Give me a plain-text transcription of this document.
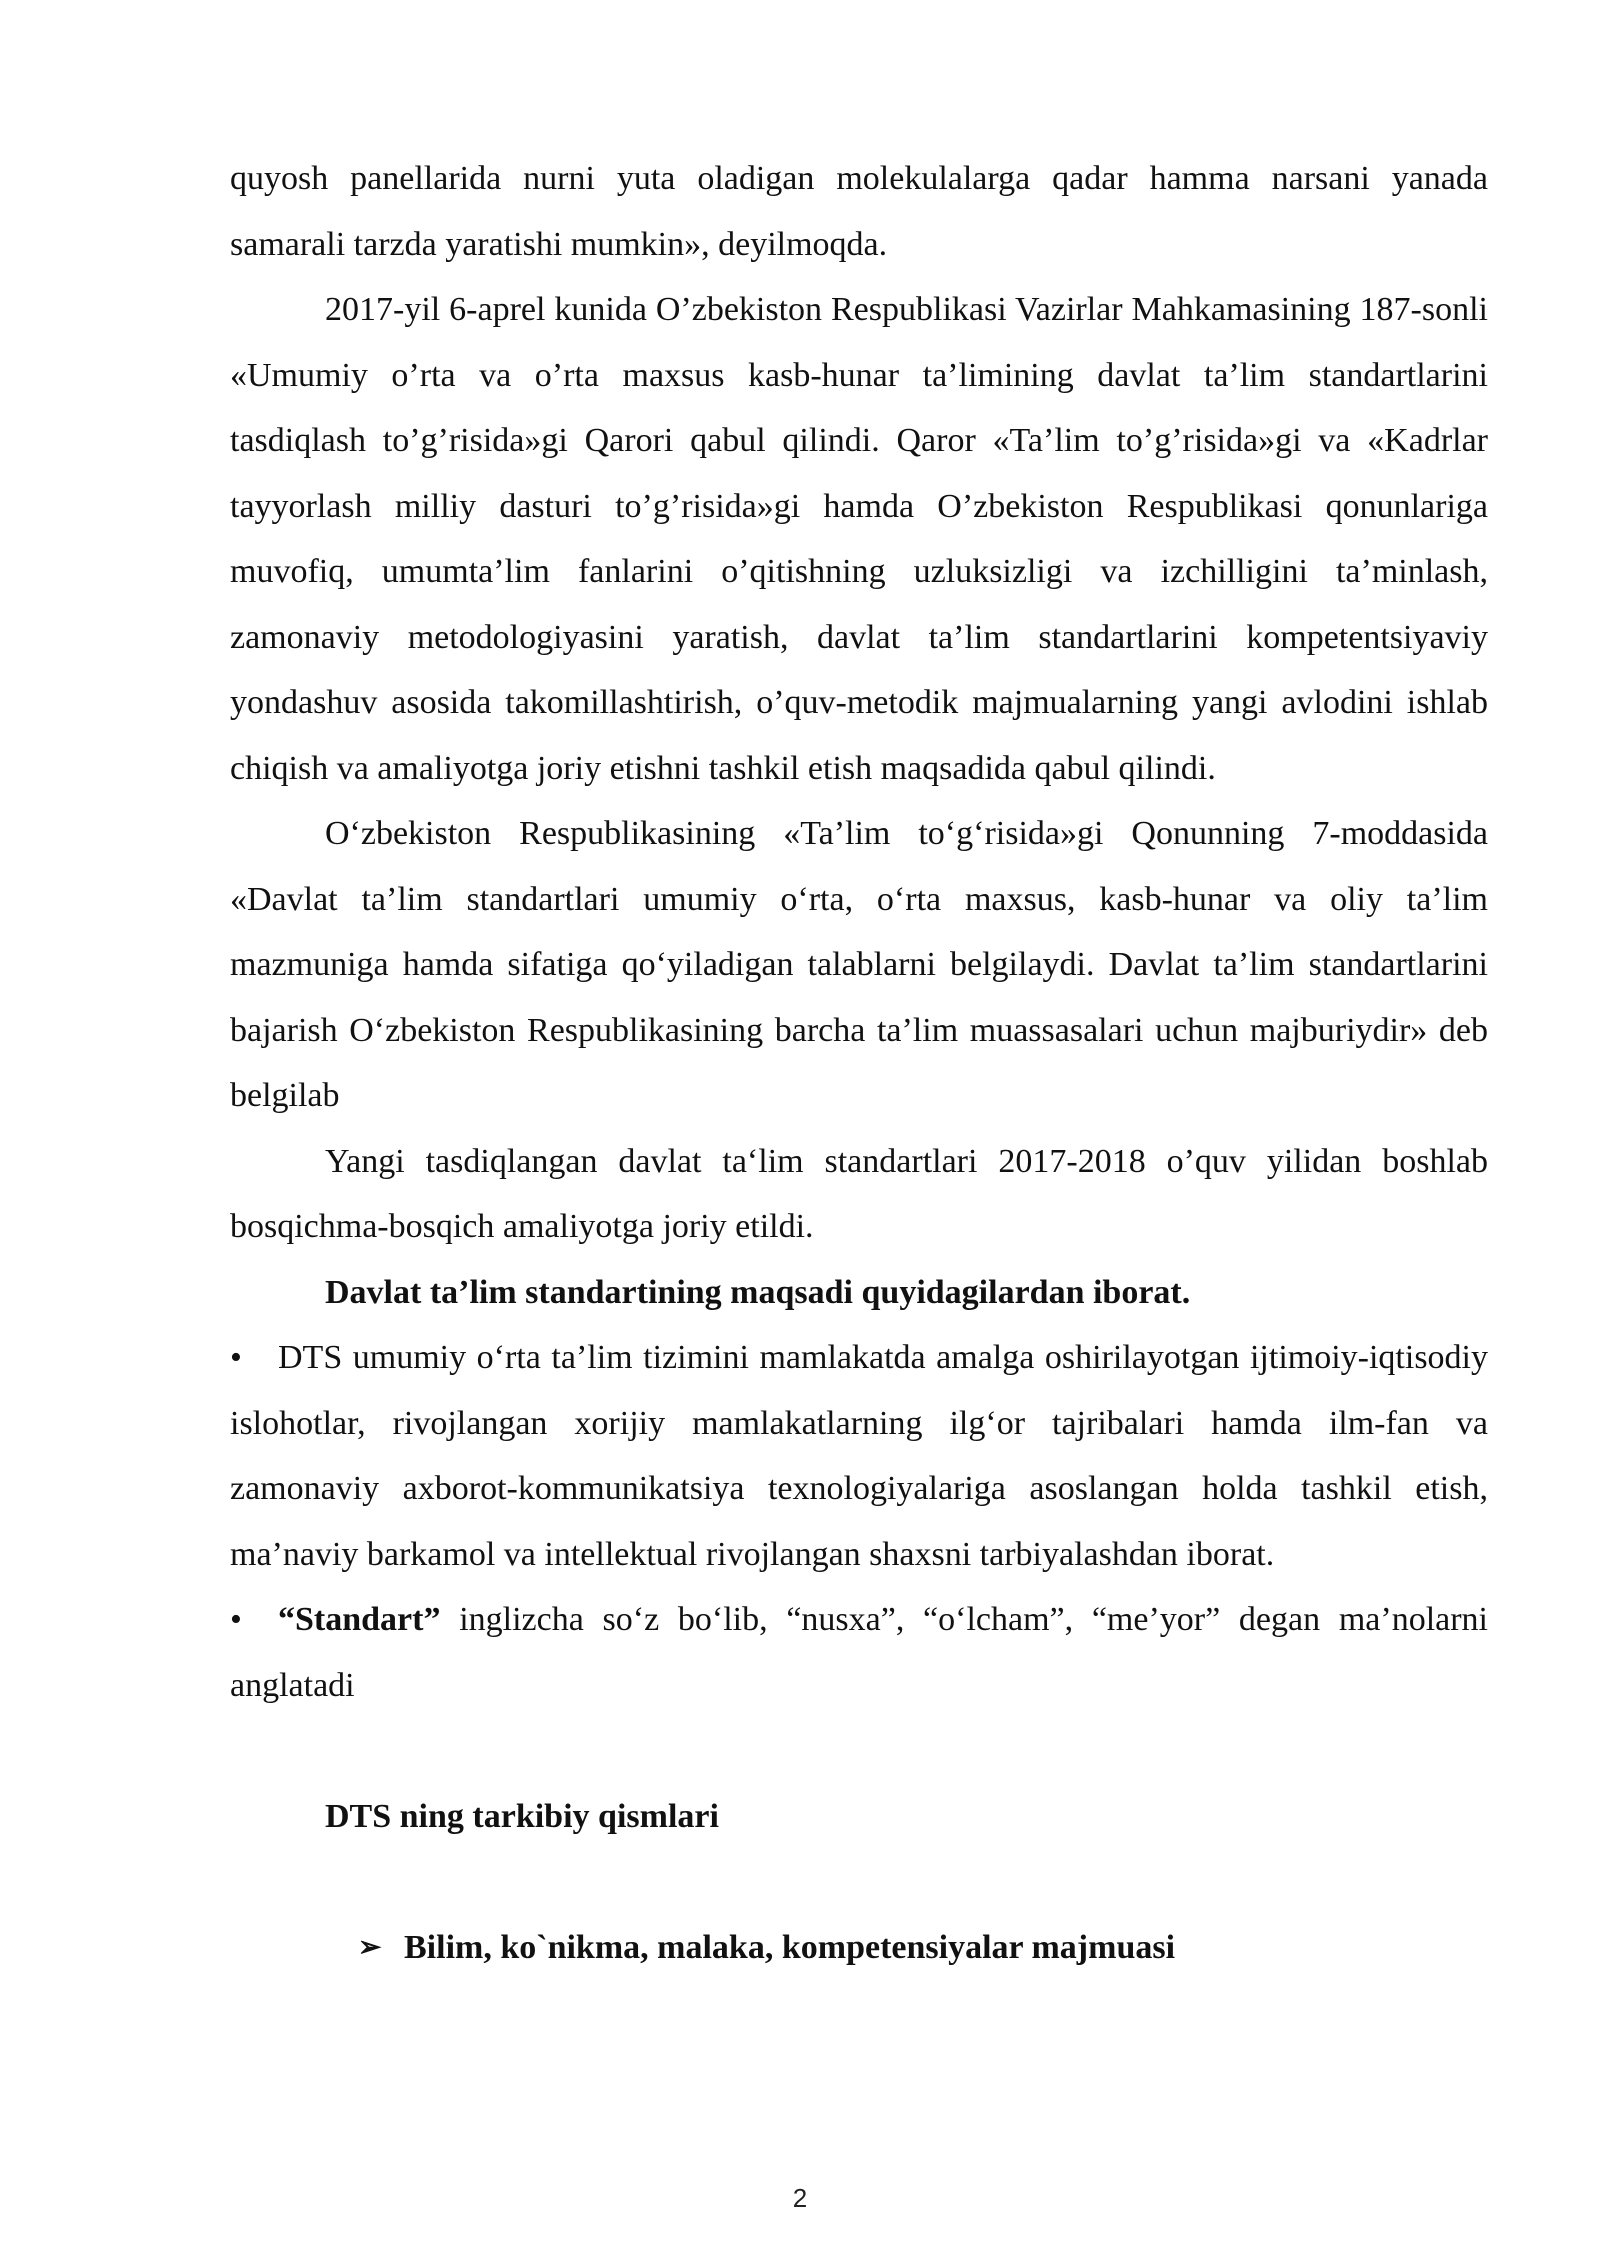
quyosh panellarida nurni yuta oladigan molekulalarga qadar hamma narsani yanada samarali tarzda yaratishi mumkin», deyilmoqda.

2017-yil 6-aprel kunida O’zbekiston Respublikasi Vazirlar Mahkamasining 187-sonli «Umumiy o’rta va o’rta maxsus kasb-hunar ta’limining davlat ta’lim standartlarini tasdiqlash to’g’risida»gi Qarori qabul qilindi. Qaror «Ta’lim to’g’risida»gi va «Kadrlar tayyorlash milliy dasturi to’g’risida»gi hamda O’zbekiston Respublikasi qonunlariga muvofiq, umumta’lim fanlarini o’qitishning uzluksizligi va izchilligini ta’minlash, zamonaviy metodologiyasini yaratish, davlat ta’lim standartlarini kompetentsiyaviy yondashuv asosida takomillashtirish, o’quv-metodik majmualarning yangi avlodini ishlab chiqish va amaliyotga joriy etishni tashkil etish maqsadida qabul qilindi.

O‘zbekiston Respublikasining «Ta’lim to‘g‘risida»gi Qonunning 7-moddasida «Davlat ta’lim standartlari umumiy o‘rta, o‘rta maxsus, kasb-hunar va oliy ta’lim mazmuniga hamda sifatiga qo‘yiladigan talablarni belgilaydi. Davlat ta’lim standartlarini bajarish O‘zbekiston Respublikasining barcha ta’lim muassasalari uchun majburiydir» deb belgilab

Yangi tasdiqlangan davlat ta‘lim standartlari 2017-2018 o’quv yilidan boshlab bosqichma-bosqich amaliyotga joriy etildi.

Davlat ta’lim standartining maqsadi quyidagilardan iborat.

• DTS umumiy o‘rta ta’lim tizimini mamlakatda amalga oshirilayotgan ijtimoiy-iqtisodiy islohotlar, rivojlangan xorijiy mamlakatlarning ilg‘or tajribalari hamda ilm-fan va zamonaviy axborot-kommunikatsiya texnologiyalariga asoslangan holda tashkil etish, ma’naviy barkamol va intellektual rivojlangan shaxsni tarbiyalashdan iborat.

• “Standart” inglizcha so‘z bo‘lib, “nusxa”, “o‘lcham”, “me’yor” degan ma’nolarni anglatadi

DTS ning tarkibiy qismlari

➢ Bilim, ko`nikma, malaka, kompetensiyalar majmuasi

2
